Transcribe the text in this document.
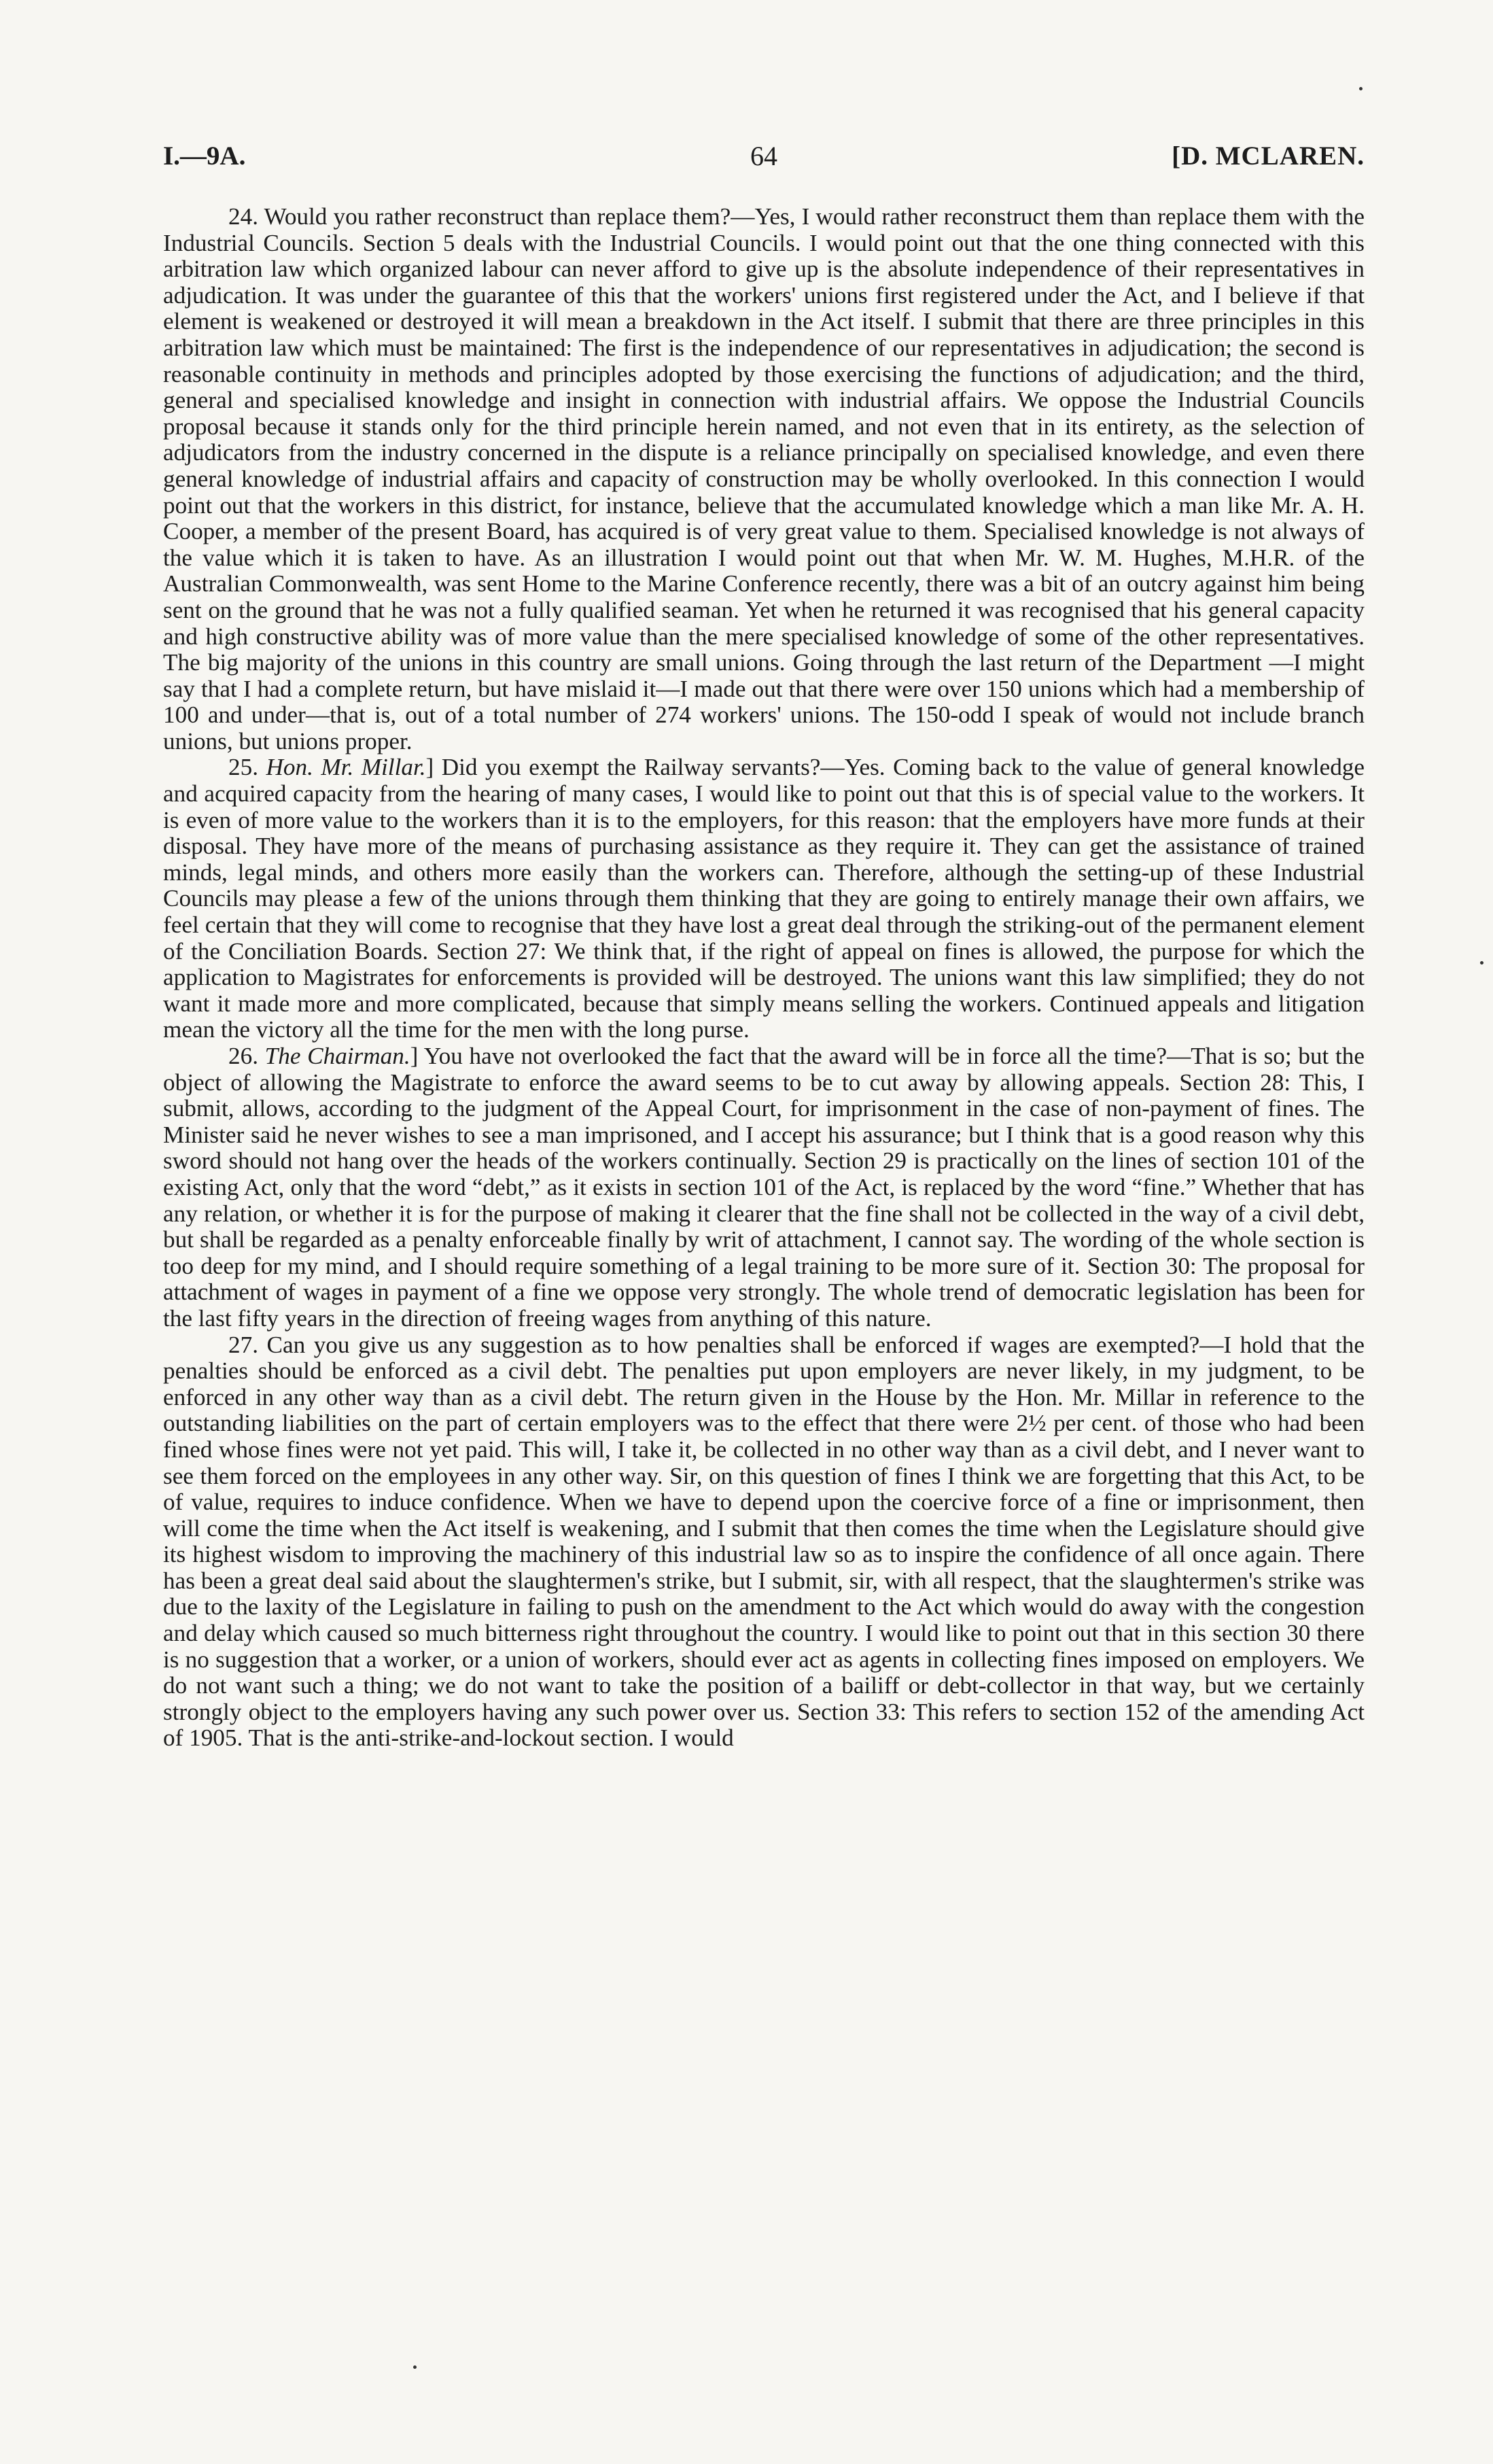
I.—9A.	64	[D. MCLAREN.

24. Would you rather reconstruct than replace them?—Yes, I would rather reconstruct them than replace them with the Industrial Councils. Section 5 deals with the Industrial Councils. I would point out that the one thing connected with this arbitration law which organized labour can never afford to give up is the absolute independence of their representatives in adjudication. It was under the guarantee of this that the workers' unions first registered under the Act, and I believe if that element is weakened or destroyed it will mean a breakdown in the Act itself. I submit that there are three principles in this arbitration law which must be maintained: The first is the independence of our representatives in adjudication; the second is reasonable continuity in methods and principles adopted by those exercising the functions of adjudication; and the third, general and specialised knowledge and insight in connection with industrial affairs. We oppose the Industrial Councils proposal because it stands only for the third principle herein named, and not even that in its entirety, as the selection of adjudicators from the industry concerned in the dispute is a reliance principally on specialised knowledge, and even there general knowledge of industrial affairs and capacity of construction may be wholly overlooked. In this connection I would point out that the workers in this district, for instance, believe that the accumulated knowledge which a man like Mr. A. H. Cooper, a member of the present Board, has acquired is of very great value to them. Specialised knowledge is not always of the value which it is taken to have. As an illustration I would point out that when Mr. W. M. Hughes, M.H.R. of the Australian Commonwealth, was sent Home to the Marine Conference recently, there was a bit of an outcry against him being sent on the ground that he was not a fully qualified seaman. Yet when he returned it was recognised that his general capacity and high constructive ability was of more value than the mere specialised knowledge of some of the other representatives. The big majority of the unions in this country are small unions. Going through the last return of the Department —I might say that I had a complete return, but have mislaid it—I made out that there were over 150 unions which had a membership of 100 and under—that is, out of a total number of 274 workers' unions. The 150-odd I speak of would not include branch unions, but unions proper.

25. Hon. Mr. Millar.] Did you exempt the Railway servants?—Yes. Coming back to the value of general knowledge and acquired capacity from the hearing of many cases, I would like to point out that this is of special value to the workers. It is even of more value to the workers than it is to the employers, for this reason: that the employers have more funds at their disposal. They have more of the means of purchasing assistance as they require it. They can get the assistance of trained minds, legal minds, and others more easily than the workers can. Therefore, although the setting-up of these Industrial Councils may please a few of the unions through them thinking that they are going to entirely manage their own affairs, we feel certain that they will come to recognise that they have lost a great deal through the striking-out of the permanent element of the Conciliation Boards. Section 27: We think that, if the right of appeal on fines is allowed, the purpose for which the application to Magistrates for enforcements is provided will be destroyed. The unions want this law simplified; they do not want it made more and more complicated, because that simply means selling the workers. Continued appeals and litigation mean the victory all the time for the men with the long purse.

26. The Chairman.] You have not overlooked the fact that the award will be in force all the time?—That is so; but the object of allowing the Magistrate to enforce the award seems to be to cut away by allowing appeals. Section 28: This, I submit, allows, according to the judgment of the Appeal Court, for imprisonment in the case of non-payment of fines. The Minister said he never wishes to see a man imprisoned, and I accept his assurance; but I think that is a good reason why this sword should not hang over the heads of the workers continually. Section 29 is practically on the lines of section 101 of the existing Act, only that the word “debt,” as it exists in section 101 of the Act, is replaced by the word “fine.” Whether that has any relation, or whether it is for the purpose of making it clearer that the fine shall not be collected in the way of a civil debt, but shall be regarded as a penalty enforceable finally by writ of attachment, I cannot say. The wording of the whole section is too deep for my mind, and I should require something of a legal training to be more sure of it. Section 30: The proposal for attachment of wages in payment of a fine we oppose very strongly. The whole trend of democratic legislation has been for the last fifty years in the direction of freeing wages from anything of this nature.

27. Can you give us any suggestion as to how penalties shall be enforced if wages are exempted?—I hold that the penalties should be enforced as a civil debt. The penalties put upon employers are never likely, in my judgment, to be enforced in any other way than as a civil debt. The return given in the House by the Hon. Mr. Millar in reference to the outstanding liabilities on the part of certain employers was to the effect that there were 2½ per cent. of those who had been fined whose fines were not yet paid. This will, I take it, be collected in no other way than as a civil debt, and I never want to see them forced on the employees in any other way. Sir, on this question of fines I think we are forgetting that this Act, to be of value, requires to induce confidence. When we have to depend upon the coercive force of a fine or imprisonment, then will come the time when the Act itself is weakening, and I submit that then comes the time when the Legislature should give its highest wisdom to improving the machinery of this industrial law so as to inspire the confidence of all once again. There has been a great deal said about the slaughtermen's strike, but I submit, sir, with all respect, that the slaughtermen's strike was due to the laxity of the Legislature in failing to push on the amendment to the Act which would do away with the congestion and delay which caused so much bitterness right throughout the country. I would like to point out that in this section 30 there is no suggestion that a worker, or a union of workers, should ever act as agents in collecting fines imposed on employers. We do not want such a thing; we do not want to take the position of a bailiff or debt-collector in that way, but we certainly strongly object to the employers having any such power over us. Section 33: This refers to section 152 of the amending Act of 1905. That is the anti-strike-and-lockout section. I would
